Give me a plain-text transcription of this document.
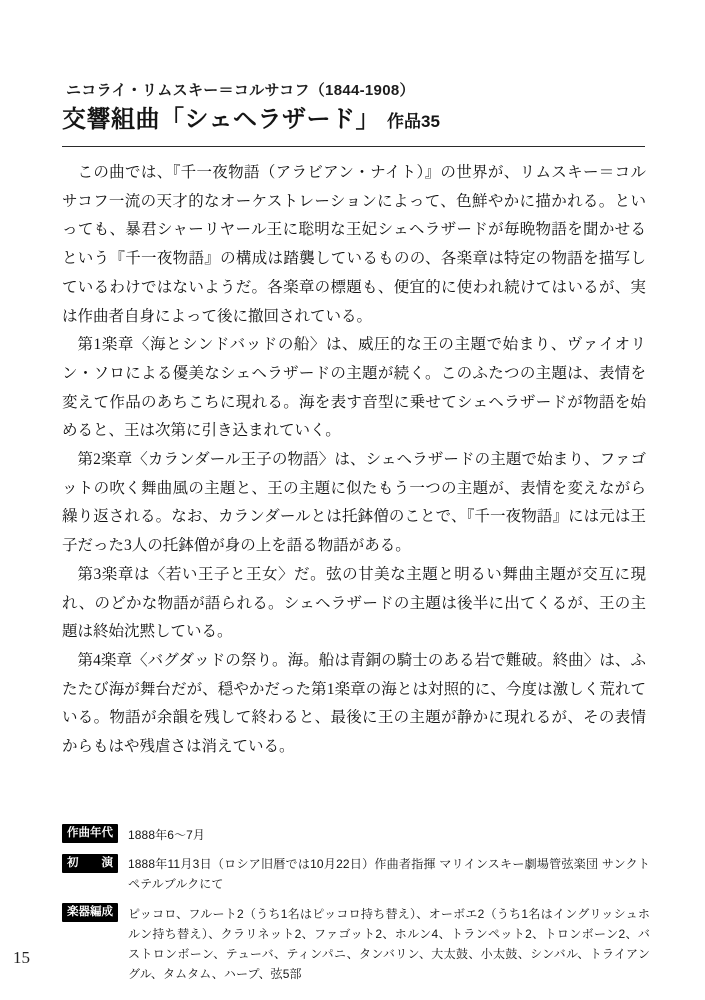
ニコライ・リムスキー＝コルサコフ（1844-1908）
交響組曲「シェヘラザード」 作品35

この曲では、『千一夜物語（アラビアン・ナイト）』の世界が、リムスキー＝コルサコフ一流の天才的なオーケストレーションによって、色鮮やかに描かれる。といっても、暴君シャーリヤール王に聡明な王妃シェヘラザードが毎晩物語を聞かせるという『千一夜物語』の構成は踏襲しているものの、各楽章は特定の物語を描写しているわけではないようだ。各楽章の標題も、便宜的に使われ続けてはいるが、実は作曲者自身によって後に撤回されている。

第1楽章〈海とシンドバッドの船〉は、威圧的な王の主題で始まり、ヴァイオリン・ソロによる優美なシェヘラザードの主題が続く。このふたつの主題は、表情を変えて作品のあちこちに現れる。海を表す音型に乗せてシェヘラザードが物語を始めると、王は次第に引き込まれていく。

第2楽章〈カランダール王子の物語〉は、シェヘラザードの主題で始まり、ファゴットの吹く舞曲風の主題と、王の主題に似たもう一つの主題が、表情を変えながら繰り返される。なお、カランダールとは托鉢僧のことで、『千一夜物語』には元は王子だった3人の托鉢僧が身の上を語る物語がある。

第3楽章は〈若い王子と王女〉だ。弦の甘美な主題と明るい舞曲主題が交互に現れ、のどかな物語が語られる。シェヘラザードの主題は後半に出てくるが、王の主題は終始沈黙している。

第4楽章〈バグダッドの祭り。海。船は青銅の騎士のある岩で難破。終曲〉は、ふたたび海が舞台だが、穏やかだった第1楽章の海とは対照的に、今度は激しく荒れている。物語が余韻を残して終わると、最後に王の主題が静かに現れるが、その表情からもはや残虐さは消えている。

作曲年代	1888年6〜7月
初　演	1888年11月3日（ロシア旧暦では10月22日）作曲者指揮 マリインスキー劇場管弦楽団 サンクトペテルブルクにて
楽器編成	ピッコロ、フルート2（うち1名はピッコロ持ち替え）、オーボエ2（うち1名はイングリッシュホルン持ち替え）、クラリネット2、ファゴット2、ホルン4、トランペット2、トロンボーン2、バストロンボーン、テューバ、ティンパニ、タンバリン、大太鼓、小太鼓、シンバル、トライアングル、タムタム、ハープ、弦5部
15
